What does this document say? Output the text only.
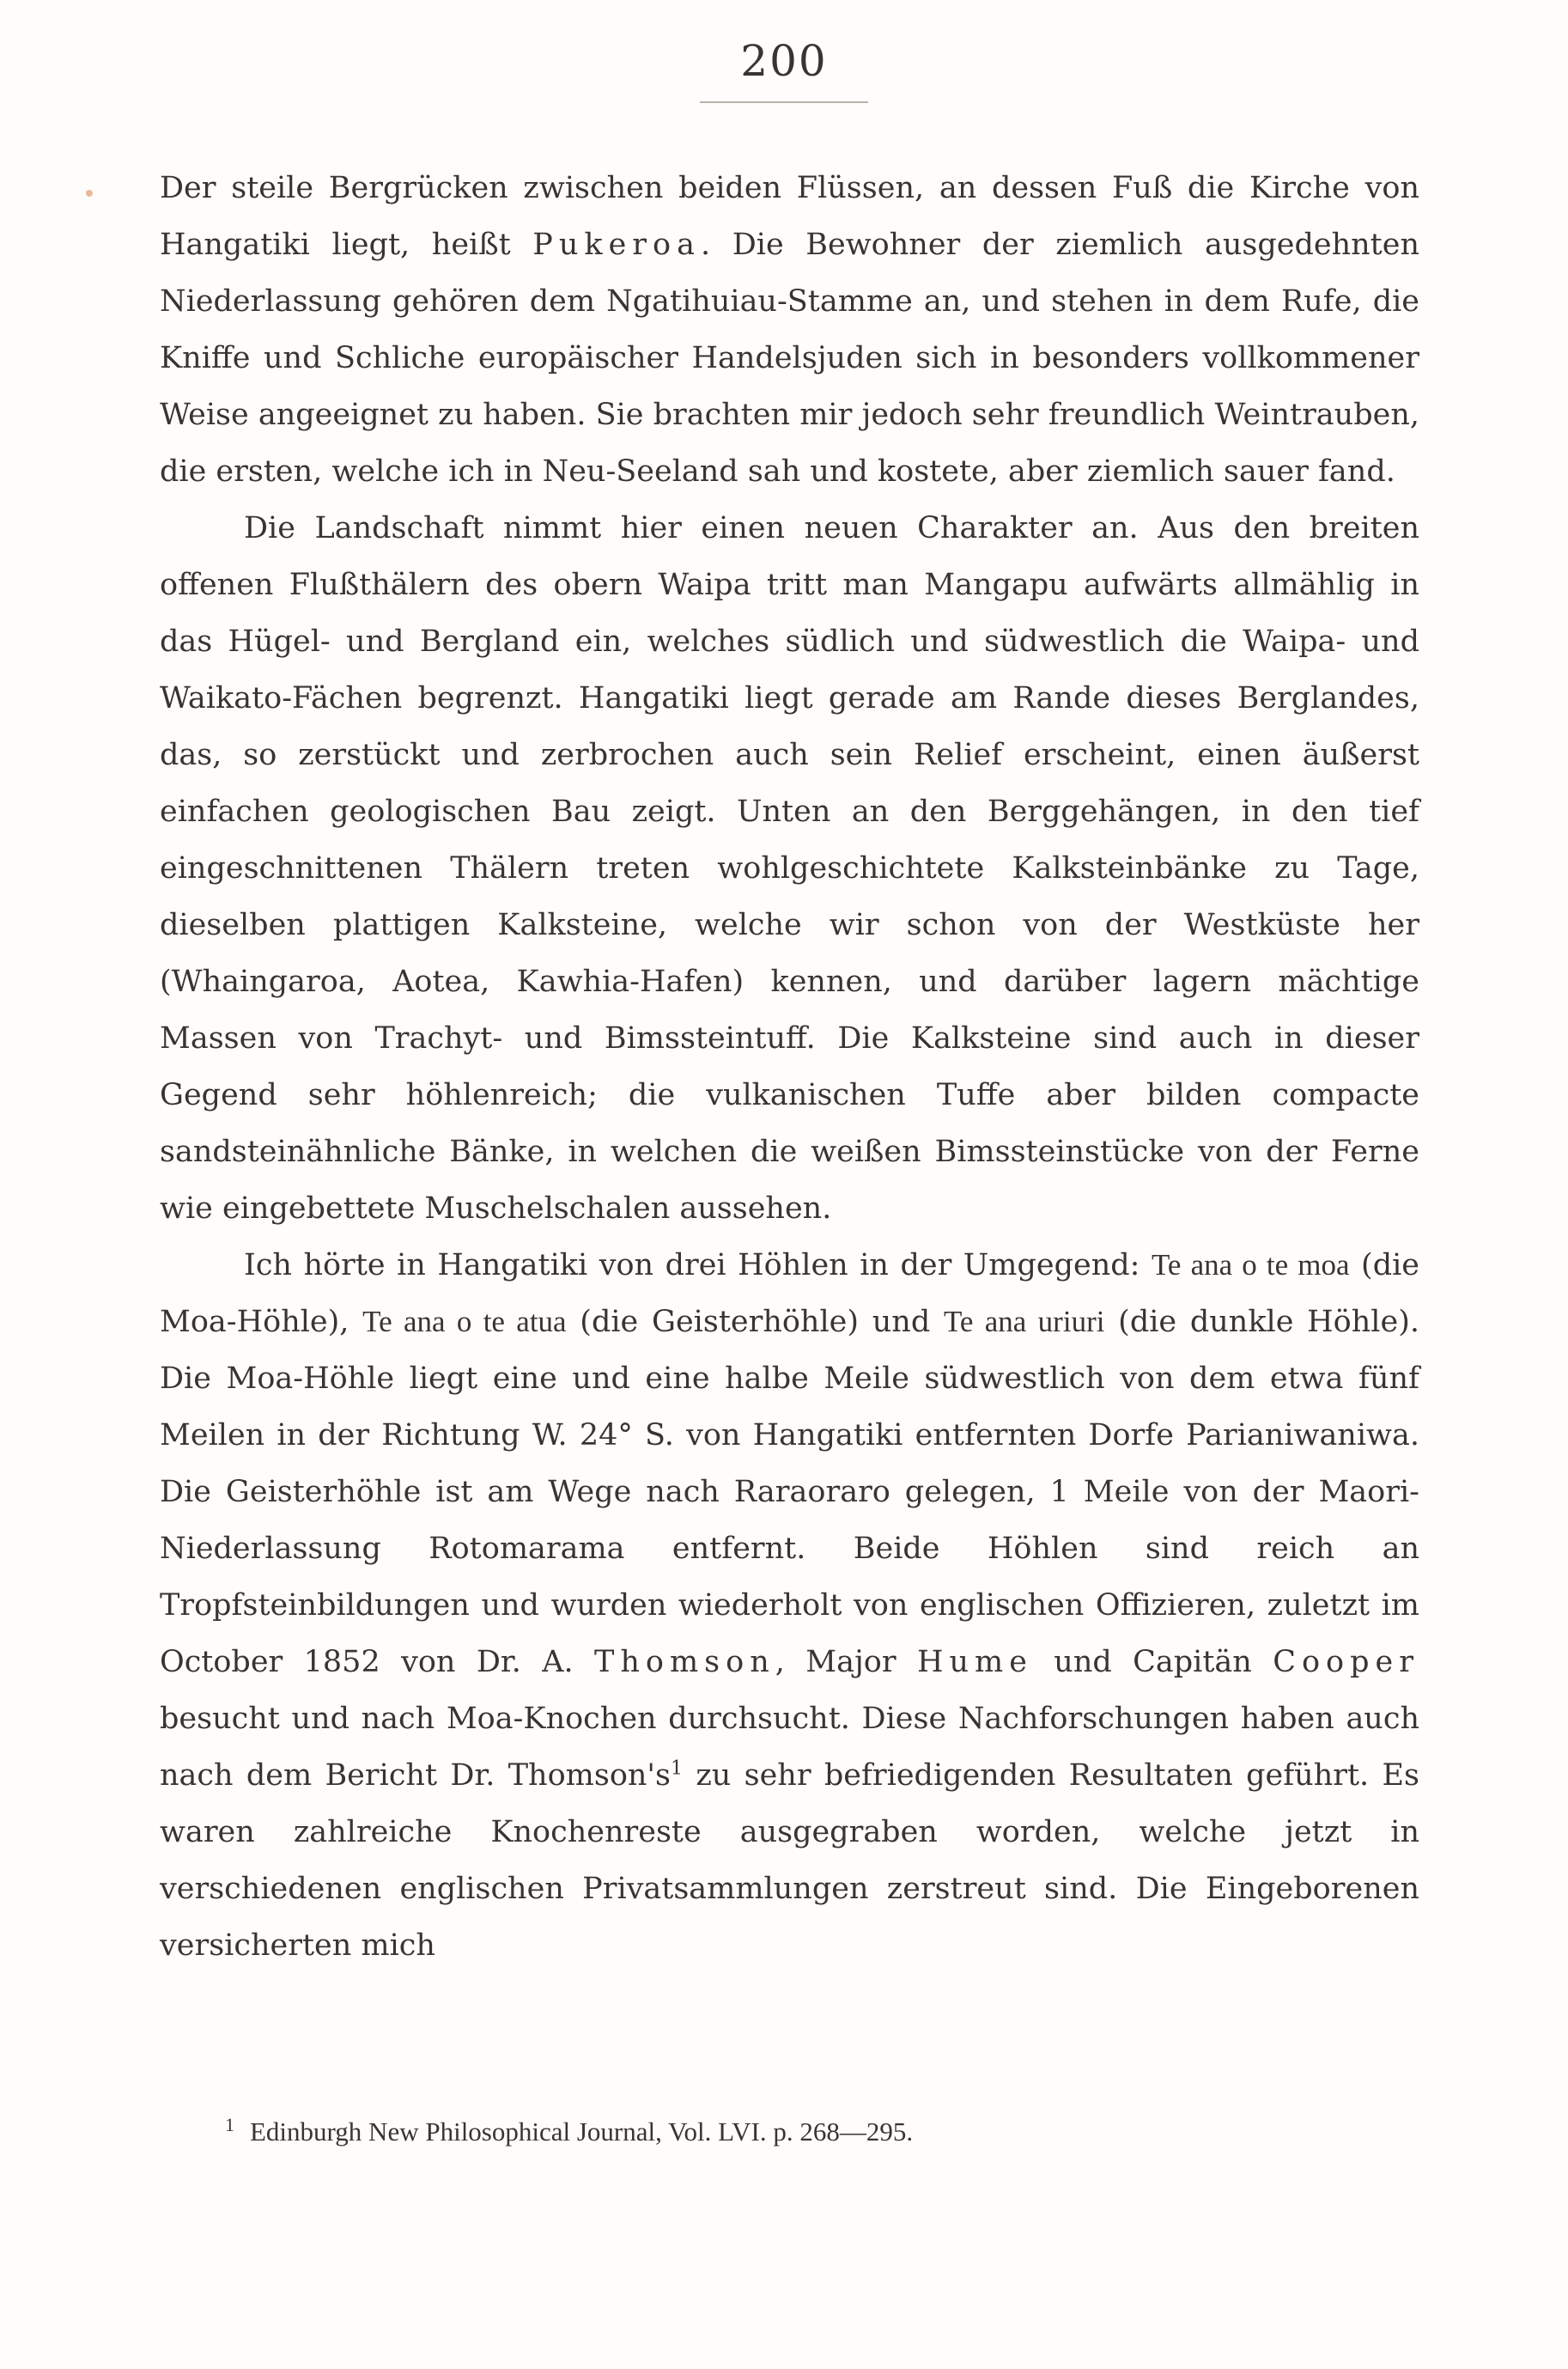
200

Der steile Bergrücken zwischen beiden Flüssen, an dessen Fuß die Kirche von Hangatiki liegt, heißt Pukeroa. Die Bewohner der ziemlich ausgedehnten Niederlassung gehören dem Ngatihuiau-Stamme an, und stehen in dem Rufe, die Kniffe und Schliche europäischer Handelsjuden sich in besonders vollkommener Weise angeeignet zu haben. Sie brachten mir jedoch sehr freundlich Weintrauben, die ersten, welche ich in Neu-Seeland sah und kostete, aber ziemlich sauer fand.

Die Landschaft nimmt hier einen neuen Charakter an. Aus den breiten offenen Flußthälern des obern Waipa tritt man Mangapu aufwärts allmählig in das Hügel- und Bergland ein, welches südlich und südwestlich die Waipa- und Waikato-Fächen begrenzt. Hangatiki liegt gerade am Rande dieses Berglandes, das, so zerstückt und zerbrochen auch sein Relief erscheint, einen äußerst einfachen geologischen Bau zeigt. Unten an den Berggehängen, in den tief eingeschnittenen Thälern treten wohlgeschichtete Kalksteinbänke zu Tage, dieselben plattigen Kalksteine, welche wir schon von der Westküste her (Whaingaroa, Aotea, Kawhia-Hafen) kennen, und darüber lagern mächtige Massen von Trachyt- und Bimssteintuff. Die Kalksteine sind auch in dieser Gegend sehr höhlenreich; die vulkanischen Tuffe aber bilden compacte sandsteinähnliche Bänke, in welchen die weißen Bimssteinstücke von der Ferne wie eingebettete Muschelschalen aussehen.

Ich hörte in Hangatiki von drei Höhlen in der Umgegend: Te ana o te moa (die Moa-Höhle), Te ana o te atua (die Geisterhöhle) und Te ana uriuri (die dunkle Höhle). Die Moa-Höhle liegt eine und eine halbe Meile südwestlich von dem etwa fünf Meilen in der Richtung W. 24° S. von Hangatiki entfernten Dorfe Parianiwaniwa. Die Geisterhöhle ist am Wege nach Raraoraro gelegen, 1 Meile von der Maori-Niederlassung Rotomarama entfernt. Beide Höhlen sind reich an Tropfsteinbildungen und wurden wiederholt von englischen Offizieren, zuletzt im October 1852 von Dr. A. Thomson, Major Hume und Capitän Cooper besucht und nach Moa-Knochen durchsucht. Diese Nachforschungen haben auch nach dem Bericht Dr. Thomson's$^1$ zu sehr befriedigenden Resultaten geführt. Es waren zahlreiche Knochenreste ausgegraben worden, welche jetzt in verschiedenen englischen Privatsammlungen zerstreut sind. Die Eingeborenen versicherten mich

$^1$ Edinburgh New Philosophical Journal, Vol. LVI. p. 268—295.
